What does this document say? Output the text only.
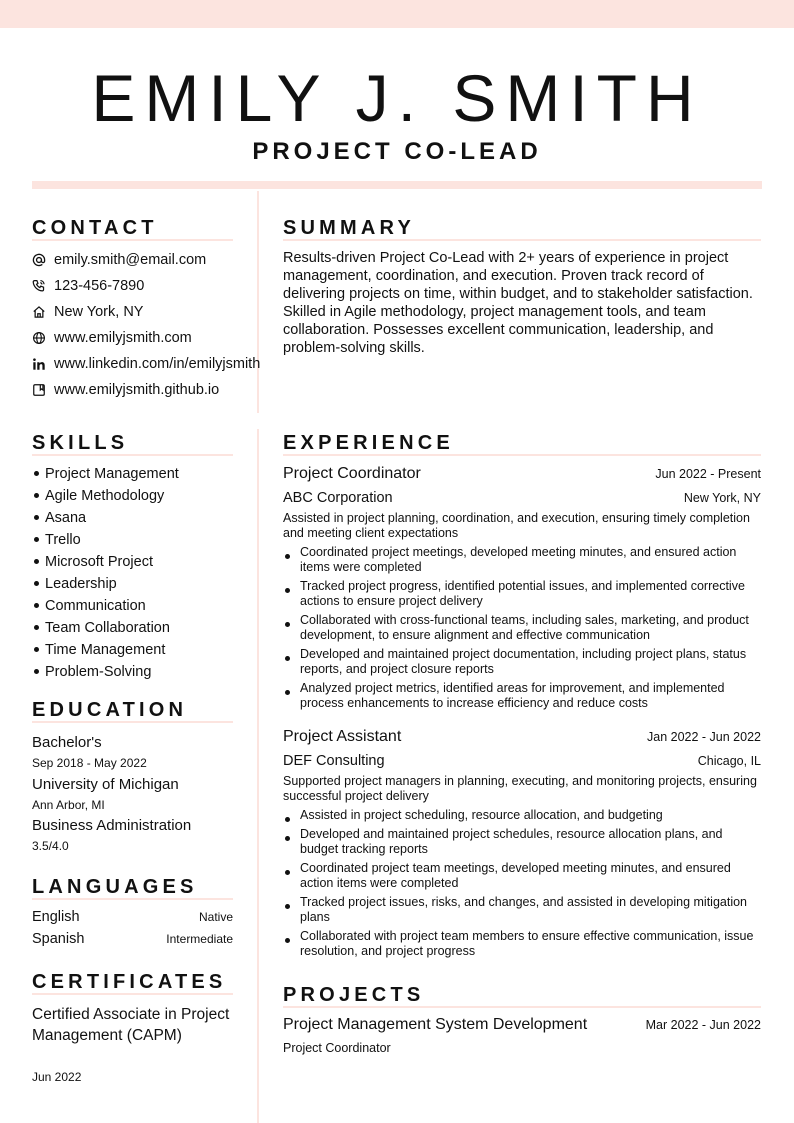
EMILY J. SMITH
PROJECT CO-LEAD
CONTACT
emily.smith@email.com
123-456-7890
New York, NY
www.emilyjsmith.com
www.linkedin.com/in/emilyjsmith
www.emilyjsmith.github.io
SUMMARY
Results-driven Project Co-Lead with 2+ years of experience in project management, coordination, and execution. Proven track record of delivering projects on time, within budget, and to stakeholder satisfaction. Skilled in Agile methodology, project management tools, and team collaboration. Possesses excellent communication, leadership, and problem-solving skills.
SKILLS
Project Management
Agile Methodology
Asana
Trello
Microsoft Project
Leadership
Communication
Team Collaboration
Time Management
Problem-Solving
EDUCATION
Bachelor's
Sep 2018 - May 2022
University of Michigan
Ann Arbor, MI
Business Administration
3.5/4.0
LANGUAGES
English	Native
Spanish	Intermediate
CERTIFICATES
Certified Associate in Project Management (CAPM)
Jun 2022
EXPERIENCE
Project Coordinator	Jun 2022 - Present
ABC Corporation	New York, NY
Assisted in project planning, coordination, and execution, ensuring timely completion and meeting client expectations
Coordinated project meetings, developed meeting minutes, and ensured action items were completed
Tracked project progress, identified potential issues, and implemented corrective actions to ensure project delivery
Collaborated with cross-functional teams, including sales, marketing, and product development, to ensure alignment and effective communication
Developed and maintained project documentation, including project plans, status reports, and project closure reports
Analyzed project metrics, identified areas for improvement, and implemented process enhancements to increase efficiency and reduce costs
Project Assistant	Jan 2022 - Jun 2022
DEF Consulting	Chicago, IL
Supported project managers in planning, executing, and monitoring projects, ensuring successful project delivery
Assisted in project scheduling, resource allocation, and budgeting
Developed and maintained project schedules, resource allocation plans, and budget tracking reports
Coordinated project team meetings, developed meeting minutes, and ensured action items were completed
Tracked project issues, risks, and changes, and assisted in developing mitigation plans
Collaborated with project team members to ensure effective communication, issue resolution, and project progress
PROJECTS
Project Management System Development	Mar 2022 - Jun 2022
Project Coordinator
